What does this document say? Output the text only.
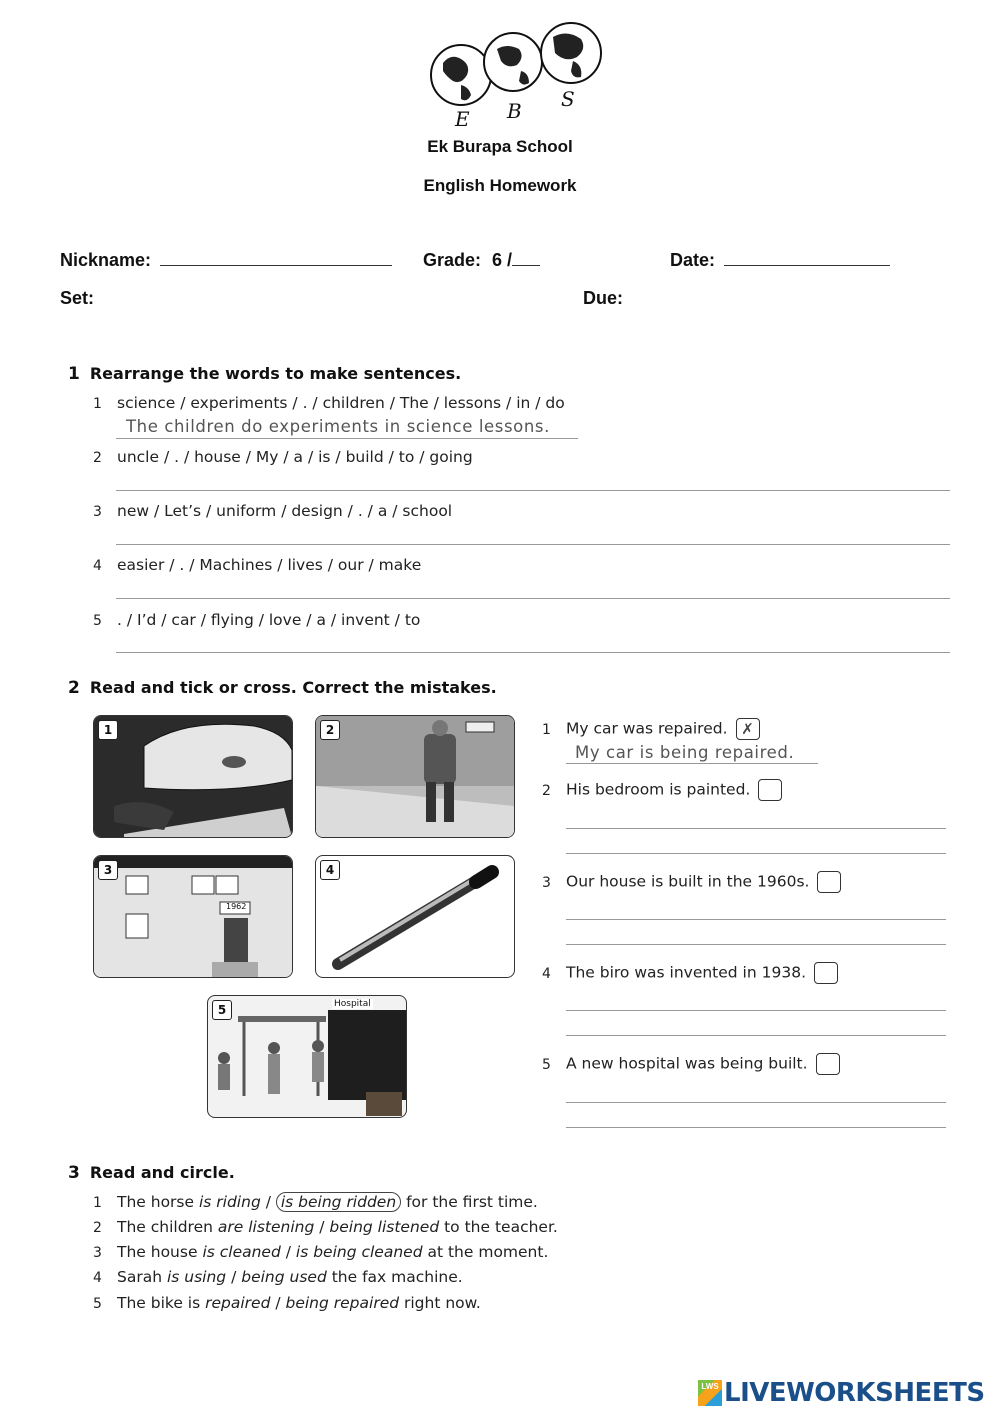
E B S
Ek Burapa School
English Homework
Nickname:	Grade: 6 /	Date:
Set:	Due:
1 Rearrange the words to make sentences.
1 science / experiments / . / children / The / lessons / in / do
The children do experiments in science lessons.
2 uncle / . / house / My / a / is / build / to / going
3 new / Let’s / uniform / design / . / a / school
4 easier / . / Machines / lives / our / make
5 . / I’d / car / flying / love / a / invent / to
2 Read and tick or cross. Correct the mistakes.
1	2
3
1962
4
5	Hospital
1 My car was repaired. ✗
My car is being repaired.
2 His bedroom is painted.
3 Our house is built in the 1960s.
4 The biro was invented in 1938.
5 A new hospital was being built.
3 Read and circle.
1 The horse is riding / is being ridden for the first time.
2 The children are listening / being listened to the teacher.
3 The house is cleaned / is being cleaned at the moment.
4 Sarah is using / being used the fax machine.
5 The bike is repaired / being repaired right now.
LWS LIVEWORKSHEETS
